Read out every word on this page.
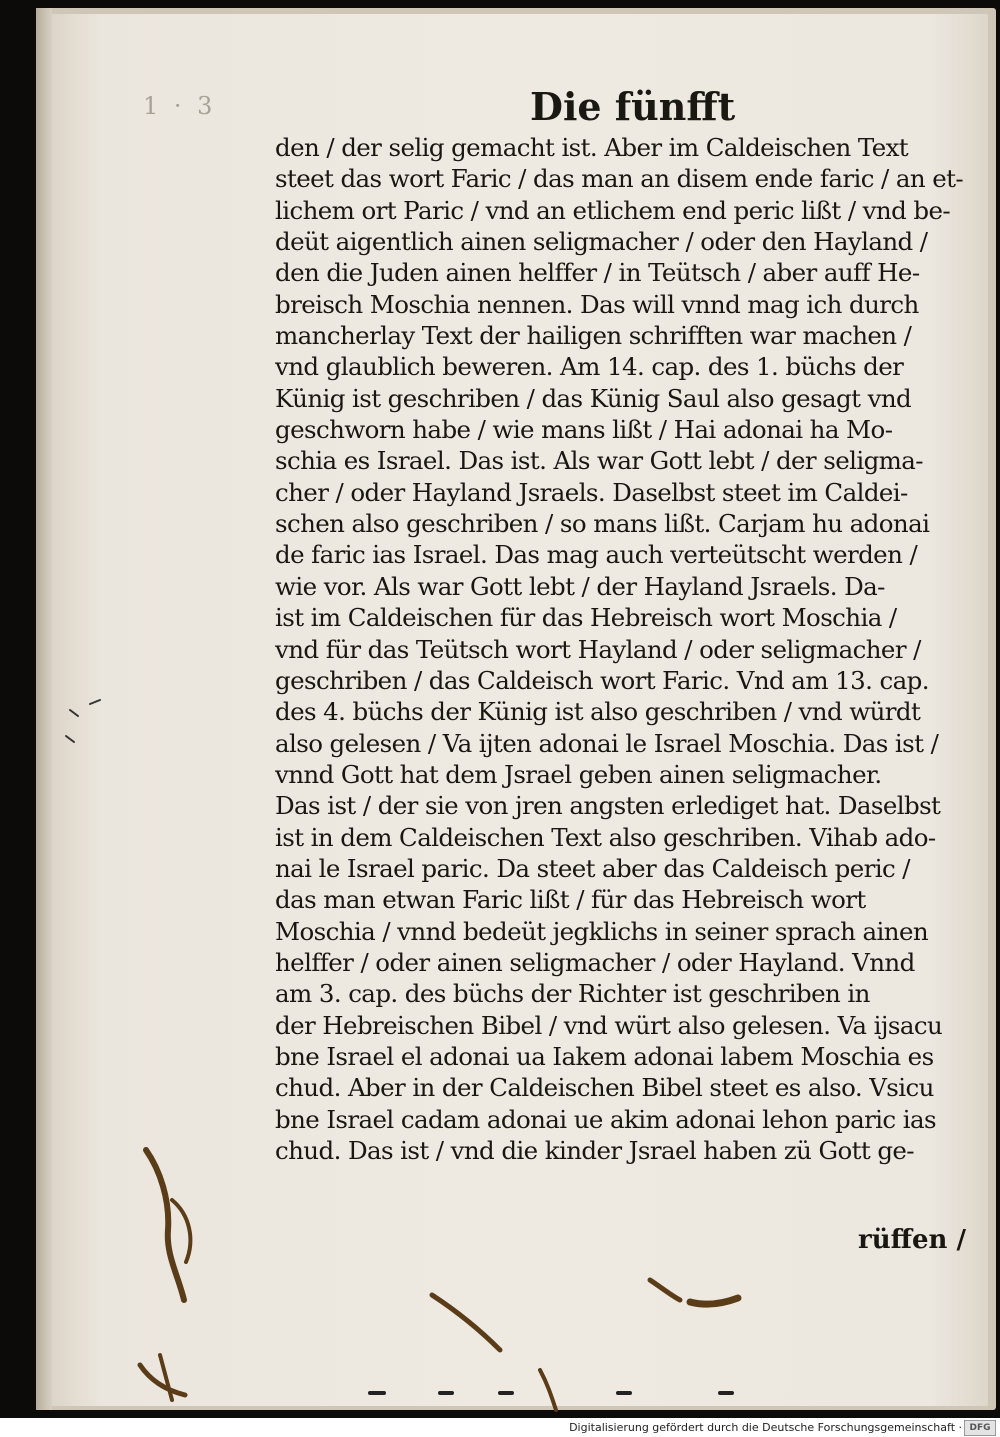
1 · 3	Die fünfft
den / der selig gemacht ist. Aber im Caldeischen Text
steet das wort Faric / das man an disem ende faric / an et-
lichem ort Paric / vnd an etlichem end peric lißt / vnd be-
deüt aigentlich ainen seligmacher / oder den Hayland /
den die Juden ainen helffer / in Teütsch / aber auff He-
breisch Moschia nennen. Das will vnnd mag ich durch
mancherlay Text der hailigen schrifften war machen /
vnd glaublich beweren. Am 14. cap. des 1. büchs der
Künig ist geschriben / das Künig Saul also gesagt vnd
geschworn habe / wie mans lißt / Hai adonai ha Mo-
schia es Israel. Das ist. Als war Gott lebt / der seligma-
cher / oder Hayland Jsraels. Daselbst steet im Caldei-
schen also geschriben / so mans lißt. Carjam hu adonai
de faric ias Israel. Das mag auch verteütscht werden /
wie vor. Als war Gott lebt / der Hayland Jsraels. Da-
ist im Caldeischen für das Hebreisch wort Moschia /
vnd für das Teütsch wort Hayland / oder seligmacher /
geschriben / das Caldeisch wort Faric. Vnd am 13. cap.
des 4. büchs der Künig ist also geschriben / vnd würdt
also gelesen / Va ijten adonai le Israel Moschia. Das ist /
vnnd Gott hat dem Jsrael geben ainen seligmacher.
Das ist / der sie von jren angsten erlediget hat. Daselbst
ist in dem Caldeischen Text also geschriben. Vihab ado-
nai le Israel paric. Da steet aber das Caldeisch peric /
das man etwan Faric lißt / für das Hebreisch wort
Moschia / vnnd bedeüt jegklichs in seiner sprach ainen
helffer / oder ainen seligmacher / oder Hayland. Vnnd
am 3. cap. des büchs der Richter ist geschriben in
der Hebreischen Bibel / vnd würt also gelesen. Va ijsacu
bne Israel el adonai ua Iakem adonai labem Moschia es
chud. Aber in der Caldeischen Bibel steet es also. Vsicu
bne Israel cadam adonai ue akim adonai lehon paric ias
chud. Das ist / vnd die kinder Jsrael haben zü Gott ge-
rüffen /
Digitalisierung gefördert durch die Deutsche Forschungsgemeinschaft · DFG
